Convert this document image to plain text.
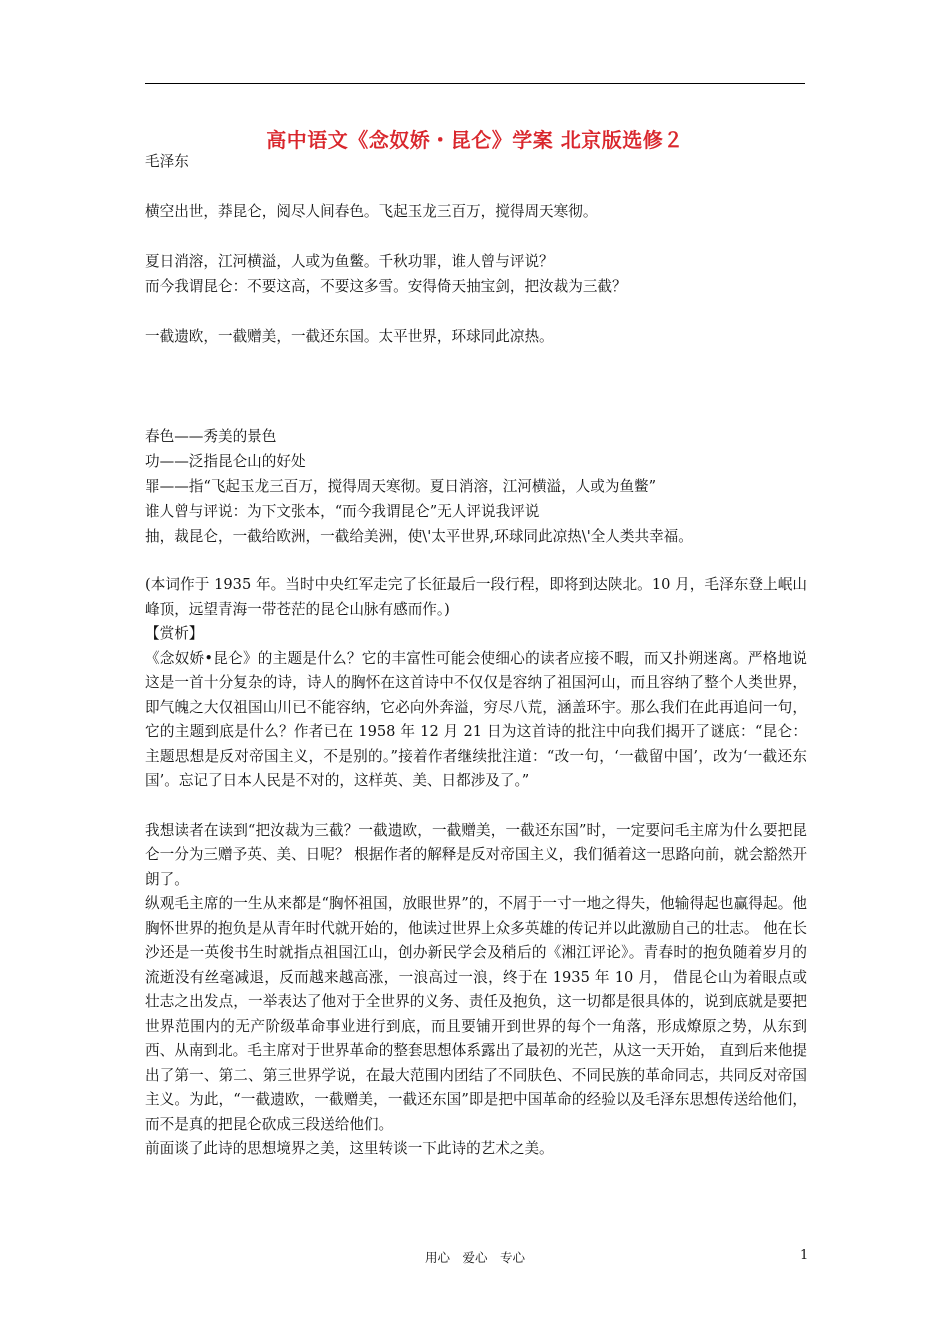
高中语文《念奴娇・昆仑》学案 北京版选修２
毛泽东
横空出世，莽昆仑，阅尽人间春色。飞起玉龙三百万，搅得周天寒彻。
夏日消溶，江河横溢，人或为鱼鳖。千秋功罪，谁人曾与评说？
而今我谓昆仑：不要这高，不要这多雪。安得倚天抽宝剑，把汝裁为三截？
一截遗欧，一截赠美，一截还东国。太平世界，环球同此凉热。
春色——秀美的景色
功——泛指昆仑山的好处
罪——指“飞起玉龙三百万，搅得周天寒彻。夏日消溶，江河横溢，人或为鱼鳖”
谁人曾与评说：为下文张本，“而今我谓昆仑”无人评说我评说
抽，裁昆仑，一截给欧洲，一截给美洲，使\'太平世界,环球同此凉热\'全人类共幸福。

(本词作于 1935 年。当时中央红军走完了长征最后一段行程，即将到达陕北。10 月，毛泽东登上岷山峰顶，远望青海一带苍茫的昆仑山脉有感而作。)

【赏析】

《念奴娇•昆仑》的主题是什么？它的丰富性可能会使细心的读者应接不暇，而又扑朔迷离。严格地说这是一首十分复杂的诗，诗人的胸怀在这首诗中不仅仅是容纳了祖国河山，而且容纳了整个人类世界，即气魄之大仅祖国山川已不能容纳，它必向外奔溢，穷尽八荒，涵盖环宇。那么我们在此再追问一句，它的主题到底是什么？作者已在 1958 年 12 月 21 日为这首诗的批注中向我们揭开了谜底：“昆仑：主题思想是反对帝国主义，不是别的。”接着作者继续批注道：“改一句，‘一截留中国’，改为‘一截还东国’。忘记了日本人民是不对的，这样英、美、日都涉及了。”

我想读者在读到“把汝裁为三截？一截遗欧，一截赠美，一截还东国”时，一定要问毛主席为什么要把昆仑一分为三赠予英、美、日呢？ 根据作者的解释是反对帝国主义，我们循着这一思路向前，就会豁然开朗了。

纵观毛主席的一生从来都是“胸怀祖国，放眼世界”的，不屑于一寸一地之得失，他输得起也赢得起。他胸怀世界的抱负是从青年时代就开始的，他读过世界上众多英雄的传记并以此激励自己的壮志。 他在长沙还是一英俊书生时就指点祖国江山，创办新民学会及稍后的《湘江评论》。青春时的抱负随着岁月的流逝没有丝毫减退，反而越来越高涨，一浪高过一浪，终于在 1935 年 10 月， 借昆仑山为着眼点或壮志之出发点，一举表达了他对于全世界的义务、责任及抱负，这一切都是很具体的，说到底就是要把世界范围内的无产阶级革命事业进行到底，而且要铺开到世界的每个一角落，形成燎原之势，从东到西、从南到北。毛主席对于世界革命的整套思想体系露出了最初的光芒，从这一天开始， 直到后来他提出了第一、第二、第三世界学说，在最大范围内团结了不同肤色、不同民族的革命同志，共同反对帝国主义。为此，“一截遗欧，一截赠美，一截还东国”即是把中国革命的经验以及毛泽东思想传送给他们， 而不是真的把昆仑砍成三段送给他们。

前面谈了此诗的思想境界之美，这里转谈一下此诗的艺术之美。

用心　爱心　专心	1
